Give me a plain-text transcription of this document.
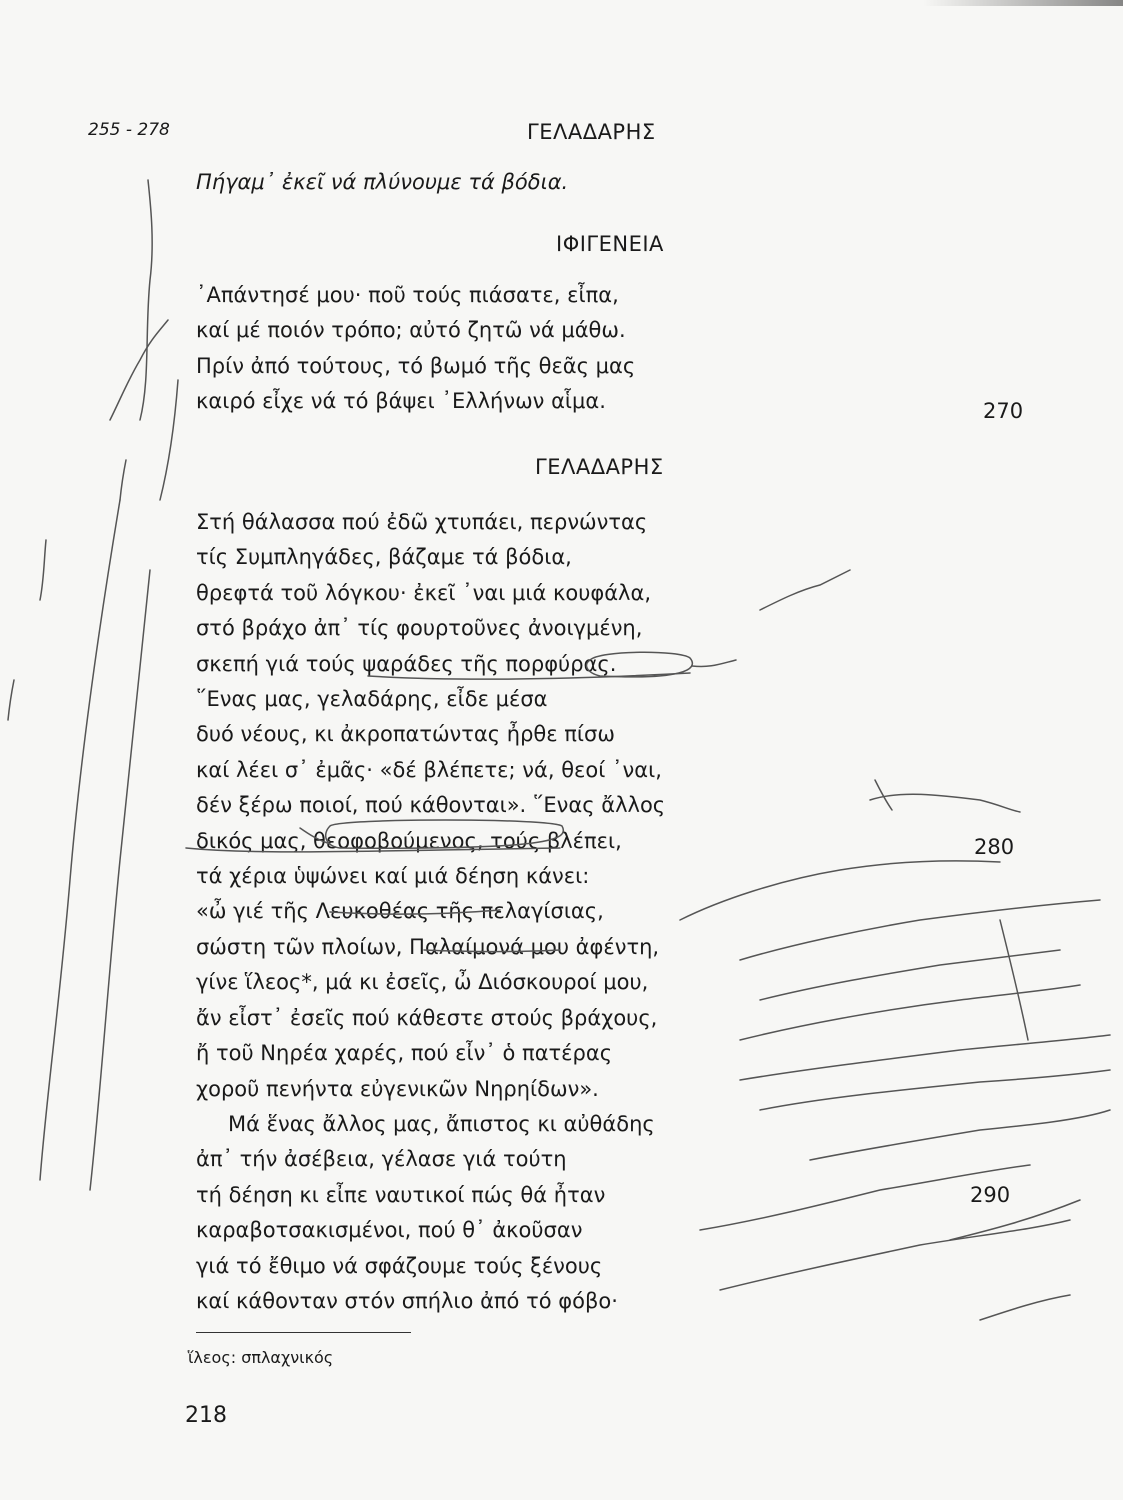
255 - 278	ΓΕΛΑΔΑΡΗΣ
Πήγαμ᾽ ἐκεῖ νά πλύνουμε τά βόδια.
ΙΦΙΓΕΝΕΙΑ
᾽Απάντησέ μου· ποῦ τούς πιάσατε, εἶπα,
καί μέ ποιόν τρόπο; αὐτό ζητῶ νά μάθω.
Πρίν ἀπό τούτους, τό βωμό τῆς θεᾶς μας
καιρό εἶχε νά τό βάψει ᾽Ελλήνων αἷμα.	270
ΓΕΛΑΔΑΡΗΣ
Στή θάλασσα πού ἐδῶ χτυπάει, περνώντας
τίς Συμπληγάδες, βάζαμε τά βόδια,
θρεφτά τοῦ λόγκου· ἐκεῖ ᾽ναι μιά κουφάλα,
στό βράχο ἀπ᾽ τίς φουρτοῦνες ἀνοιγμένη,
σκεπή γιά τούς ψαράδες τῆς πορφύρας.
῞Ενας μας, γελαδάρης, εἶδε μέσα
δυό νέους, κι ἀκροπατώντας ἦρθε πίσω
καί λέει σ᾽ ἐμᾶς· «δέ βλέπετε; νά, θεοί ᾽ναι,
δέν ξέρω ποιοί, πού κάθονται». ῞Ενας ἄλλος
δικός μας, θεοφοβούμενος, τούς βλέπει,
τά χέρια ὑψώνει καί μιά δέηση κάνει:
«ὦ γιέ τῆς Λευκοθέας τῆς πελαγίσιας,
σώστη τῶν πλοίων, Παλαίμονά μου ἀφέντη,
γίνε ἵλεος*, μά κι ἐσεῖς, ὦ Διόσκουροί μου,
ἄν εἶστ᾽ ἐσεῖς πού κάθεστε στούς βράχους,
ἤ τοῦ Νηρέα χαρές, πού εἶν᾽ ὁ πατέρας
χοροῦ πενήντα εὐγενικῶν Νηρηίδων».
280
Μά ἕνας ἄλλος μας, ἄπιστος κι αὐθάδης
ἀπ᾽ τήν ἀσέβεια, γέλασε γιά τούτη
τή δέηση κι εἶπε ναυτικοί πώς θά ἦταν
καραβοτσακισμένοι, πού θ᾽ ἀκοῦσαν
γιά τό ἔθιμο νά σφάζουμε τούς ξένους
καί κάθονταν στόν σπήλιο ἀπό τό φόβο·
290
ἵλεος: σπλαχνικός
218
